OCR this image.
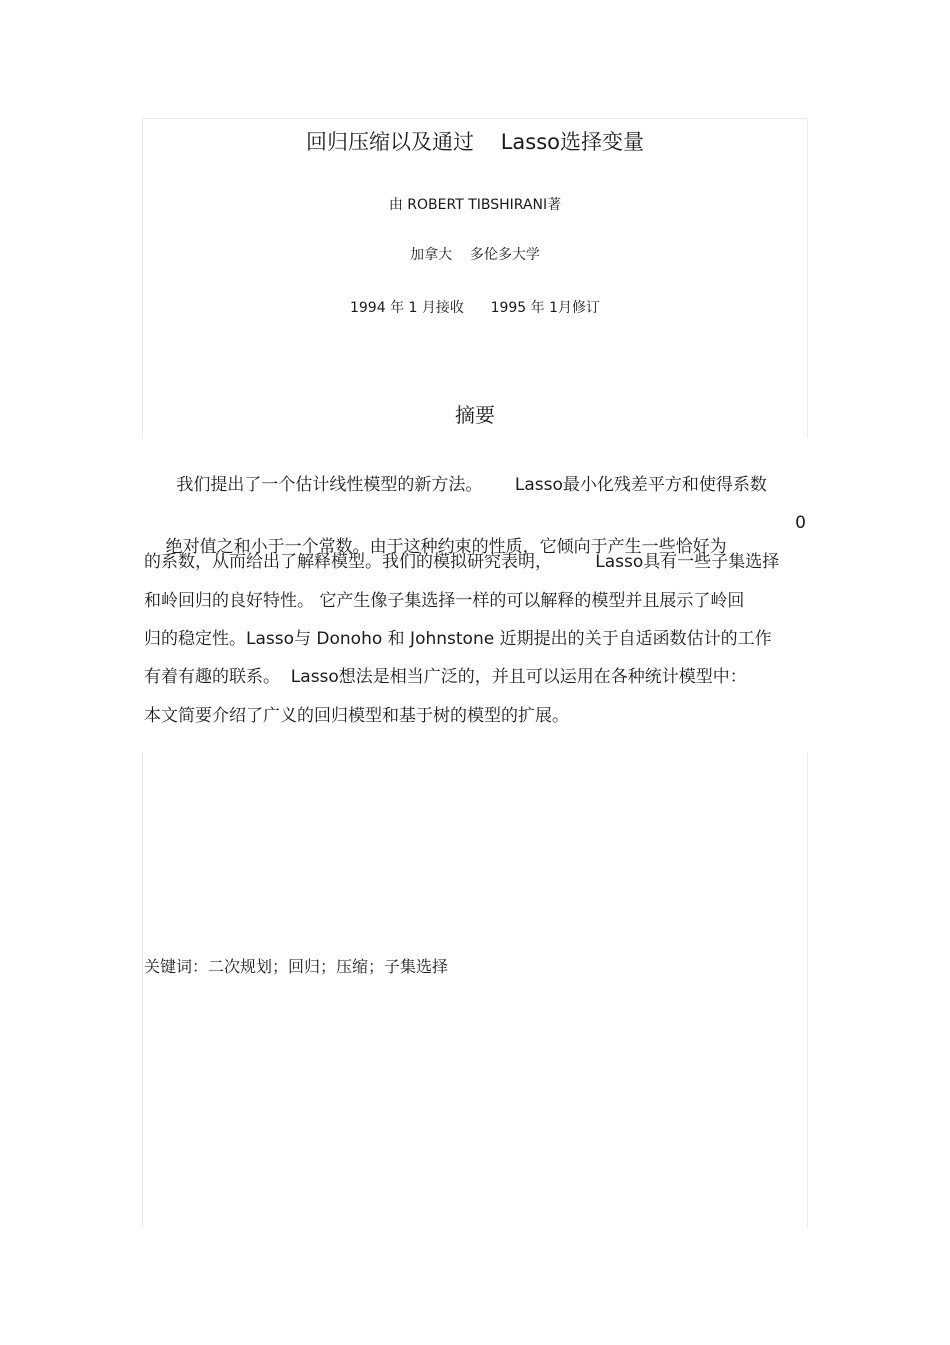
回归压缩以及通过    Lasso选择变量
由 ROBERT TIBSHIRANI著
加拿大    多伦多大学
1994 年 1 月接收      1995 年 1月修订
摘要
我们提出了一个估计线性模型的新方法。      Lasso最小化残差平方和使得系数

绝对值之和小于一个常数。由于这种约束的性质，它倾向于产生一些恰好为

0

的系数，从而给出了解释模型。我们的模拟研究表明，        Lasso具有一些子集选择
和岭回归的良好特性。 它产生像子集选择一样的可以解释的模型并且展示了岭回
归的稳定性。Lasso与 Donoho 和 Johnstone 近期提出的关于自适函数估计的工作
有着有趣的联系。  Lasso想法是相当广泛的，并且可以运用在各种统计模型中：
本文简要介绍了广义的回归模型和基于树的模型的扩展。
关键词：二次规划；回归；压缩；子集选择
